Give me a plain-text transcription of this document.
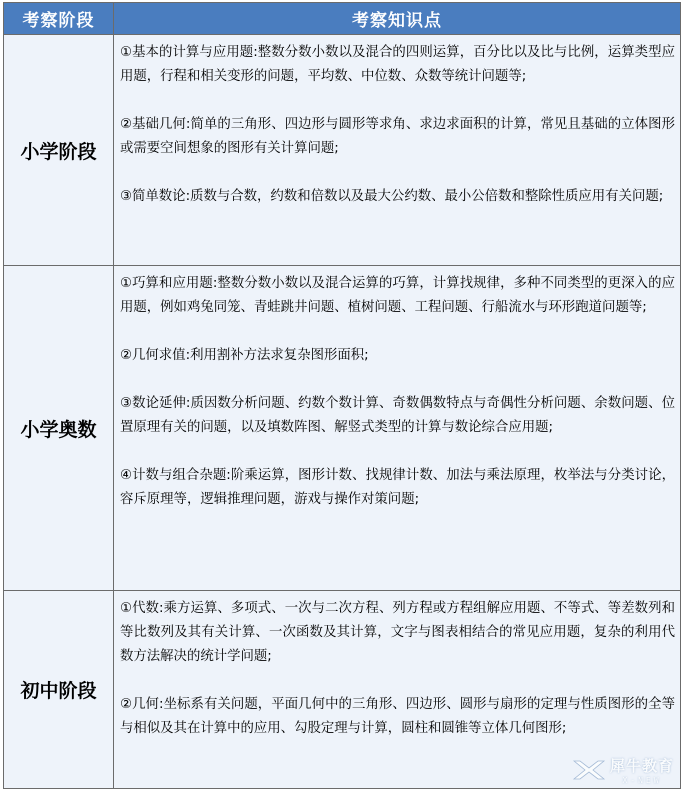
考察阶段	考察知识点
小学阶段	①基本的计算与应用题:整数分数小数以及混合的四则运算，百分比以及比与比例，运算类型应用题，行程和相关变形的问题，平均数、中位数、众数等统计问题等;

②基础几何:简单的三角形、四边形与圆形等求角、求边求面积的计算，常见且基础的立体图形或需要空间想象的图形有关计算问题;

③简单数论:质数与合数，约数和倍数以及最大公约数、最小公倍数和整除性质应用有关问题;

小学奥数	①巧算和应用题:整数分数小数以及混合运算的巧算，计算找规律，多种不同类型的更深入的应用题，例如鸡兔同笼、青蛙跳井问题、植树问题、工程问题、行船流水与环形跑道问题等;

②几何求值:利用割补方法求复杂图形面积;

③数论延伸:质因数分析问题、约数个数计算、奇数偶数特点与奇偶性分析问题、余数问题、位置原理有关的问题，以及填数阵图、解竖式类型的计算与数论综合应用题;

④计数与组合杂题:阶乘运算，图形计数、找规律计数、加法与乘法原理，枚举法与分类讨论，容斥原理等，逻辑推理问题，游戏与操作对策问题;

初中阶段	①代数:乘方运算、多项式、一次与二次方程、列方程或方程组解应用题、不等式、等差数列和等比数列及其有关计算、一次函数及其计算，文字与图表相结合的常见应用题，复杂的利用代数方法解决的统计学问题;

②几何:坐标系有关问题，平面几何中的三角形、四边形、圆形与扇形的定理与性质图形的全等与相似及其在计算中的应用、勾股定理与计算，圆柱和圆锥等立体几何图形;

犀牛教育
X-NEW
